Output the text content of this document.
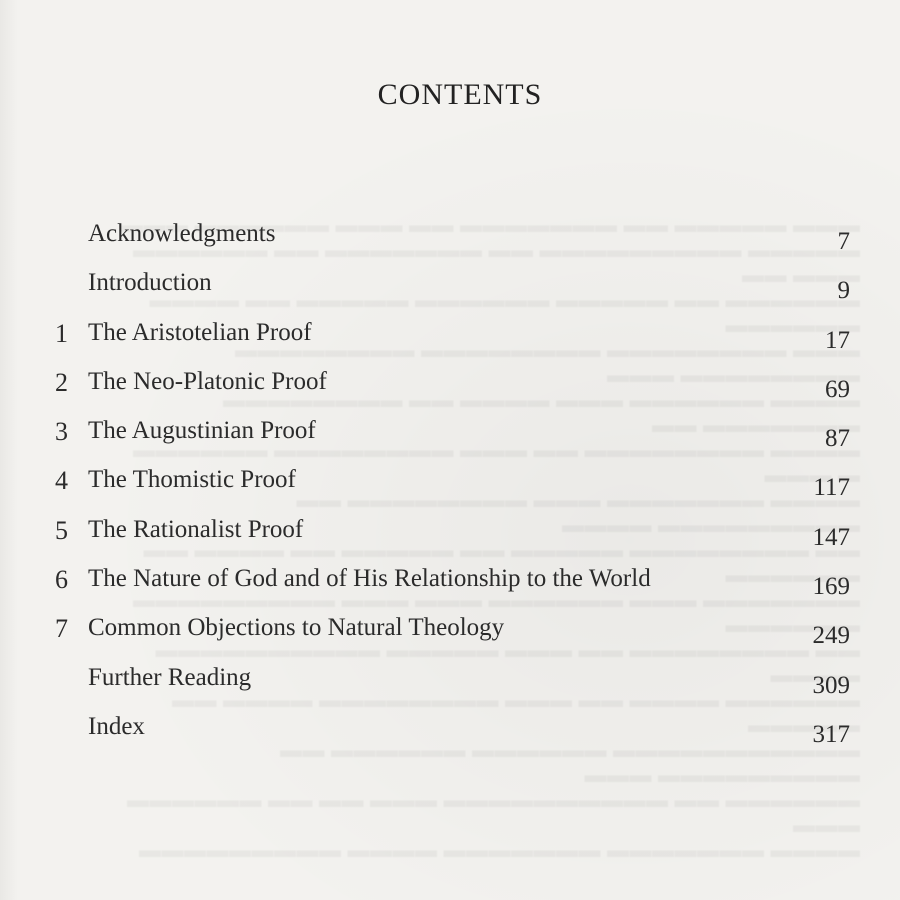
CONTENTS
Acknowledgments	7
Introduction	9
1 The Aristotelian Proof	17
2 The Neo-Platonic Proof	69
3 The Augustinian Proof	87
4 The Thomistic Proof	117
5 The Rationalist Proof	147
6 The Nature of God and of His Relationship to the World	169
7 Common Objections to Natural Theology	249
Further Reading	309
Index	317
